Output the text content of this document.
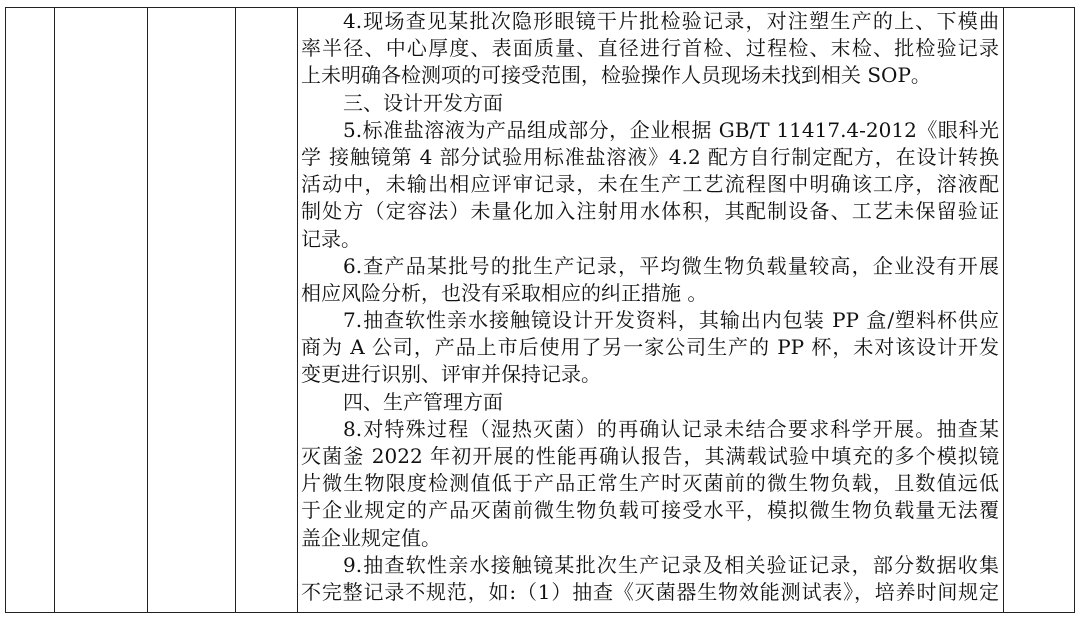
4.现场查见某批次隐形眼镜干片批检验记录，对注塑生产的上、下模曲
率半径、中心厚度、表面质量、直径进行首检、过程检、末检、批检验记录
上未明确各检测项的可接受范围，检验操作人员现场未找到相关 SOP。
三、设计开发方面
5.标准盐溶液为产品组成部分，企业根据 GB/T 11417.4-2012《眼科光
学 接触镜第 4 部分试验用标准盐溶液》4.2 配方自行制定配方，在设计转换
活动中，未输出相应评审记录，未在生产工艺流程图中明确该工序，溶液配
制处方（定容法）未量化加入注射用水体积，其配制设备、工艺未保留验证
记录。
6.查产品某批号的批生产记录，平均微生物负载量较高，企业没有开展
相应风险分析，也没有采取相应的纠正措施 。
7.抽查软性亲水接触镜设计开发资料，其输出内包装 PP 盒/塑料杯供应
商为 A 公司，产品上市后使用了另一家公司生产的 PP 杯，未对该设计开发
变更进行识别、评审并保持记录。
四、生产管理方面
8.对特殊过程（湿热灭菌）的再确认记录未结合要求科学开展。抽查某
灭菌釜 2022 年初开展的性能再确认报告，其满载试验中填充的多个模拟镜
片微生物限度检测值低于产品正常生产时灭菌前的微生物负载，且数值远低
于企业规定的产品灭菌前微生物负载可接受水平，模拟微生物负载量无法覆
盖企业规定值。
9.抽查软性亲水接触镜某批次生产记录及相关验证记录，部分数据收集
不完整记录不规范，如:（1）抽查《灭菌器生物效能测试表》，培养时间规定
